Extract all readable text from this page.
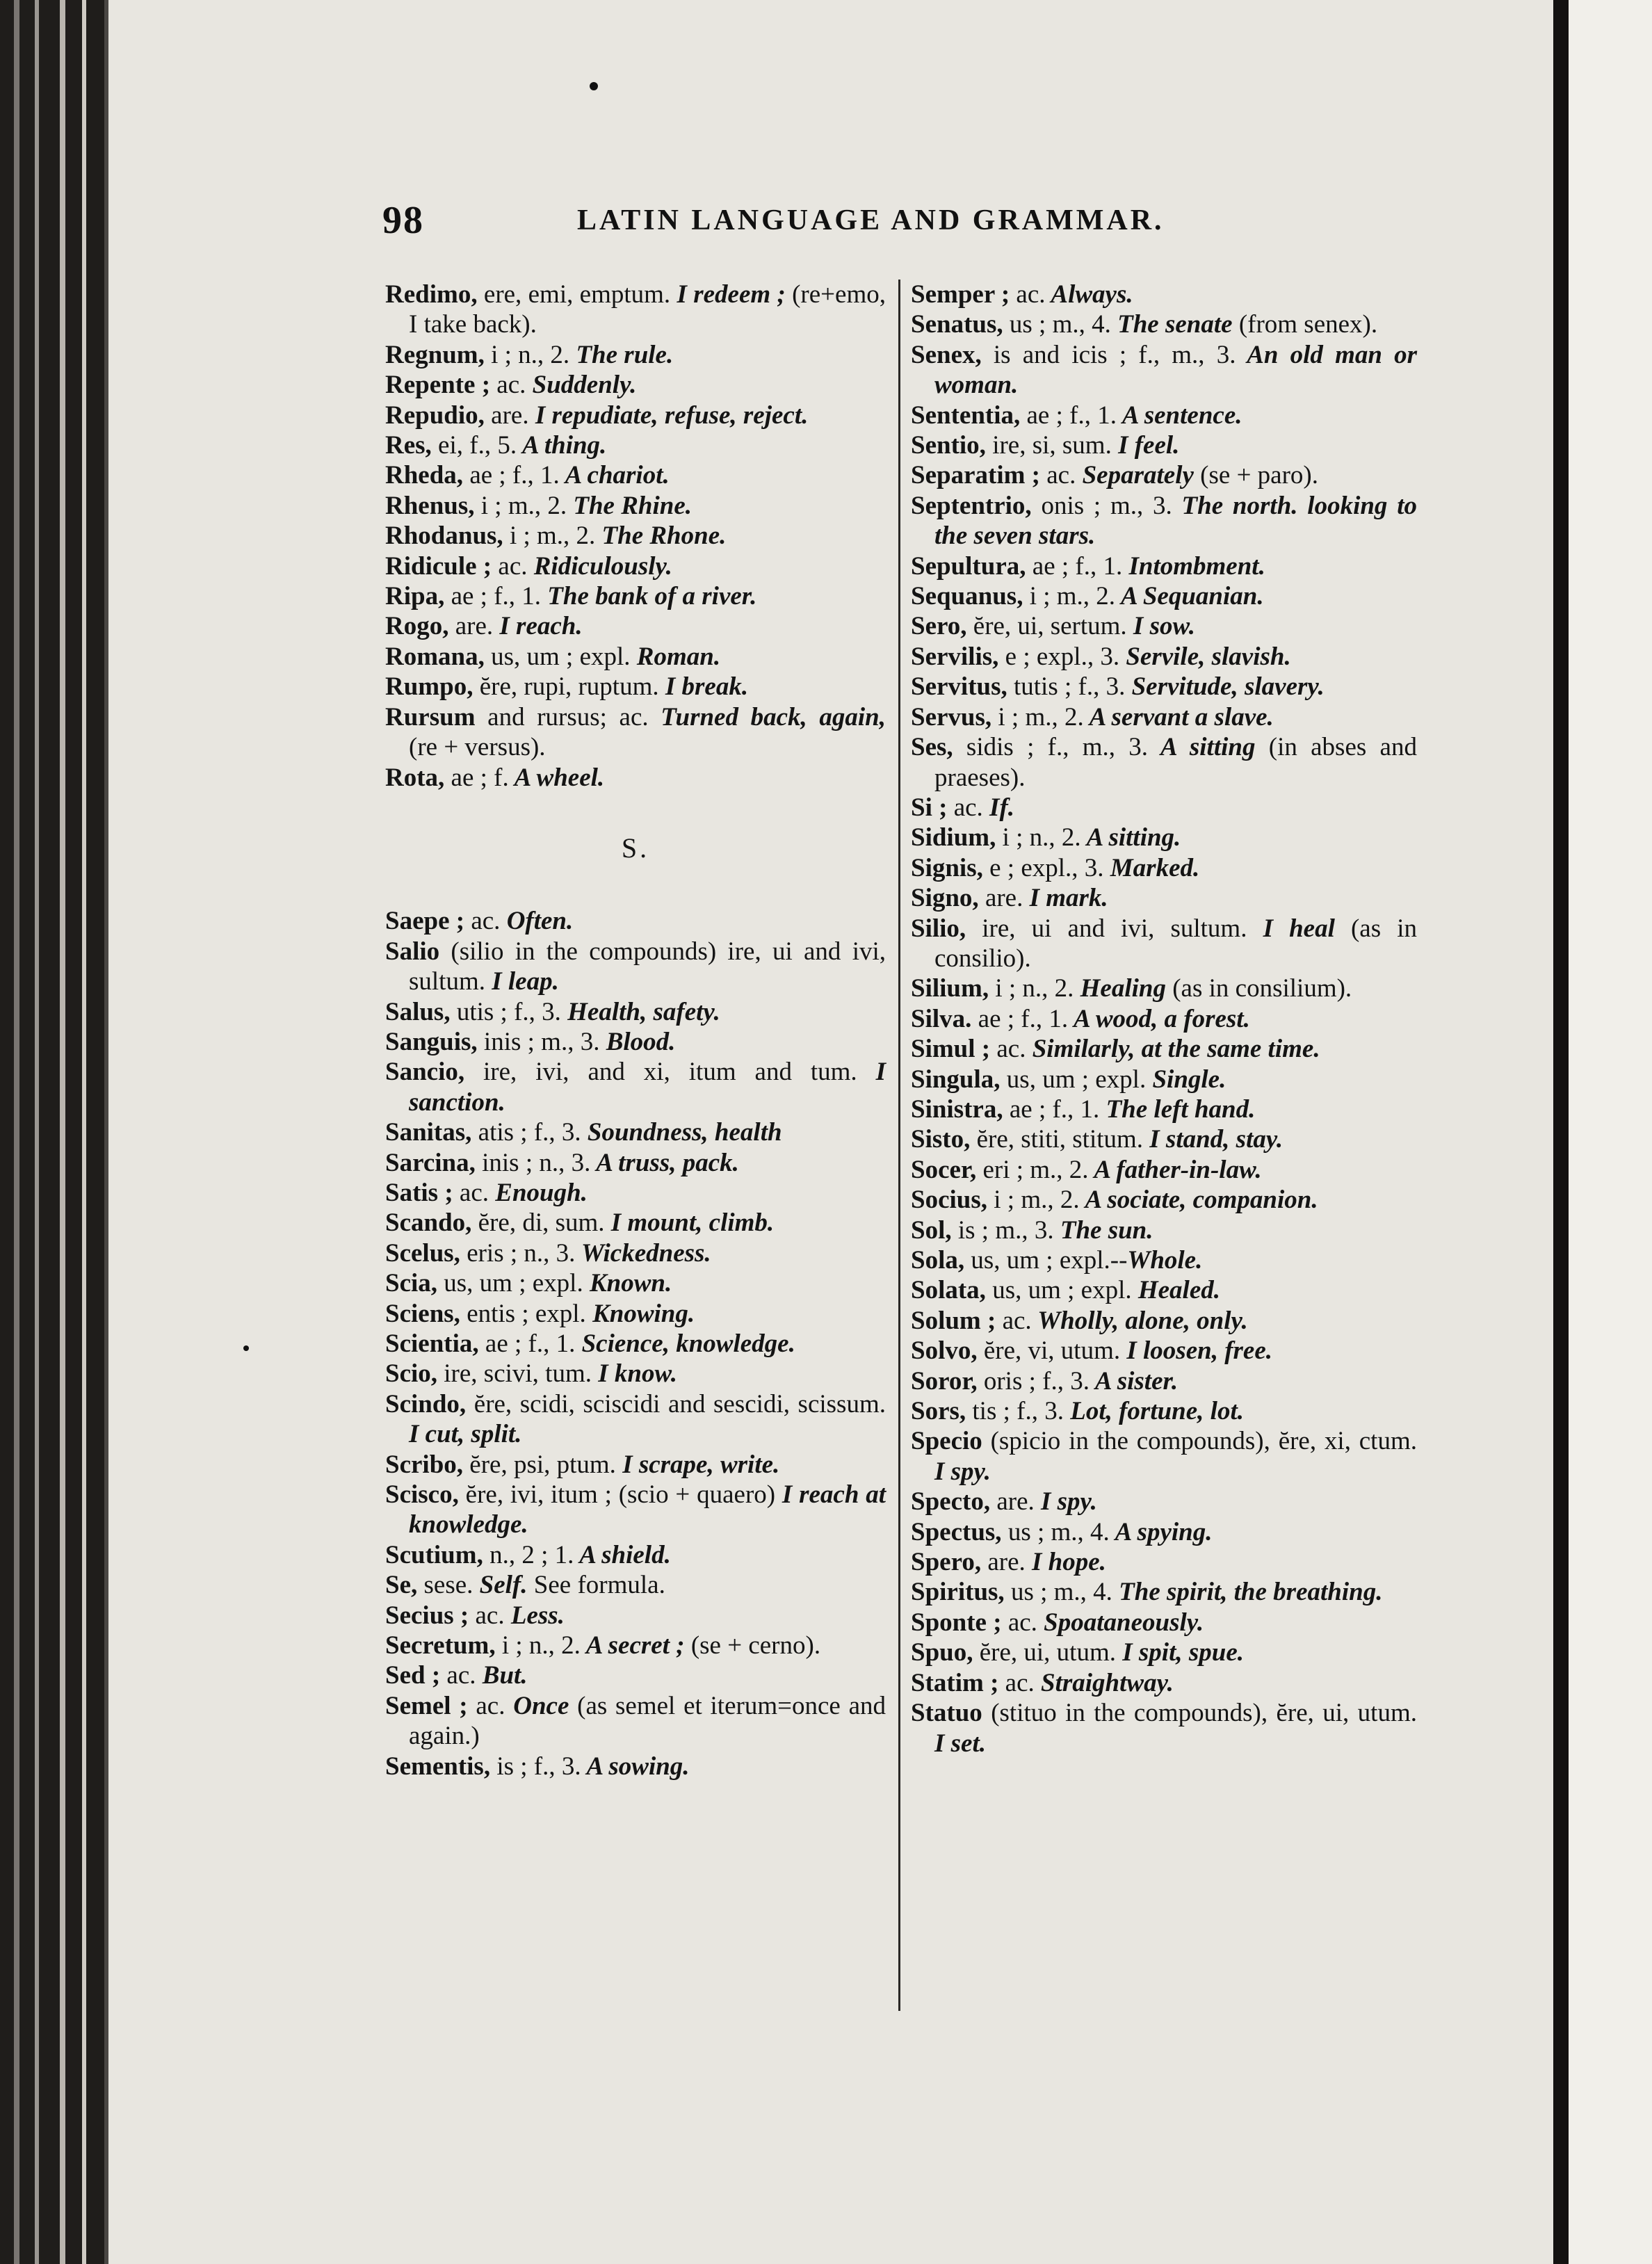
98	LATIN LANGUAGE AND GRAMMAR.

Redimo, ere, emi, emptum. I redeem ; (re+emo, I take back).

Regnum, i ; n., 2. The rule.

Repente ; ac. Suddenly.

Repudio, are. I repudiate, refuse, reject.

Res, ei, f., 5. A thing.

Rheda, ae ; f., 1. A chariot.

Rhenus, i ; m., 2. The Rhine.

Rhodanus, i ; m., 2. The Rhone.

Ridicule ; ac. Ridiculously.

Ripa, ae ; f., 1. The bank of a river.

Rogo, are. I reach.

Romana, us, um ; expl. Roman.

Rumpo, ĕre, rupi, ruptum. I break.

Rursum and rursus; ac. Turned back, again, (re + versus).

Rota, ae ; f. A wheel.

S.

Saepe ; ac. Often.

Salio (silio in the compounds) ire, ui and ivi, sultum. I leap.

Salus, utis ; f., 3. Health, safety.

Sanguis, inis ; m., 3. Blood.

Sancio, ire, ivi, and xi, itum and tum. I sanction.

Sanitas, atis ; f., 3. Soundness, health

Sarcina, inis ; n., 3. A truss, pack.

Satis ; ac. Enough.

Scando, ĕre, di, sum. I mount, climb.

Scelus, eris ; n., 3. Wickedness.

Scia, us, um ; expl. Known.

Sciens, entis ; expl. Knowing.

Scientia, ae ; f., 1. Science, knowledge.

Scio, ire, scivi, tum. I know.

Scindo, ĕre, scidi, sciscidi and sescidi, scissum. I cut, split.

Scribo, ĕre, psi, ptum. I scrape, write.

Scisco, ĕre, ivi, itum ; (scio + quaero) I reach at knowledge.

Scutium, n., 2 ; 1. A shield.

Se, sese. Self. See formula.

Secius ; ac. Less.

Secretum, i ; n., 2. A secret ; (se + cerno).

Sed ; ac. But.

Semel ; ac. Once (as semel et iterum=once and again.)

Sementis, is ; f., 3. A sowing.

Semper ; ac. Always.

Senatus, us ; m., 4. The senate (from senex).

Senex, is and icis ; f., m., 3. An old man or woman.

Sententia, ae ; f., 1. A sentence.

Sentio, ire, si, sum. I feel.

Separatim ; ac. Separately (se + paro).

Septentrio, onis ; m., 3. The north. looking to the seven stars.

Sepultura, ae ; f., 1. Intombment.

Sequanus, i ; m., 2. A Sequanian.

Sero, ĕre, ui, sertum. I sow.

Servilis, e ; expl., 3. Servile, slavish.

Servitus, tutis ; f., 3. Servitude, slavery.

Servus, i ; m., 2. A servant a slave.

Ses, sidis ; f., m., 3. A sitting (in abses and praeses).

Si ; ac. If.

Sidium, i ; n., 2. A sitting.

Signis, e ; expl., 3. Marked.

Signo, are. I mark.

Silio, ire, ui and ivi, sultum. I heal (as in consilio).

Silium, i ; n., 2. Healing (as in consilium).

Silva. ae ; f., 1. A wood, a forest.

Simul ; ac. Similarly, at the same time.

Singula, us, um ; expl. Single.

Sinistra, ae ; f., 1. The left hand.

Sisto, ĕre, stiti, stitum. I stand, stay.

Socer, eri ; m., 2. A father-in-law.

Socius, i ; m., 2. A sociate, companion.

Sol, is ; m., 3. The sun.

Sola, us, um ; expl.--Whole.

Solata, us, um ; expl. Healed.

Solum ; ac. Wholly, alone, only.

Solvo, ĕre, vi, utum. I loosen, free.

Soror, oris ; f., 3. A sister.

Sors, tis ; f., 3. Lot, fortune, lot.

Specio (spicio in the compounds), ĕre, xi, ctum. I spy.

Specto, are. I spy.

Spectus, us ; m., 4. A spying.

Spero, are. I hope.

Spiritus, us ; m., 4. The spirit, the breathing.

Sponte ; ac. Spoataneously.

Spuo, ĕre, ui, utum. I spit, spue.

Statim ; ac. Straightway.

Statuo (stituo in the compounds), ĕre, ui, utum. I set.
